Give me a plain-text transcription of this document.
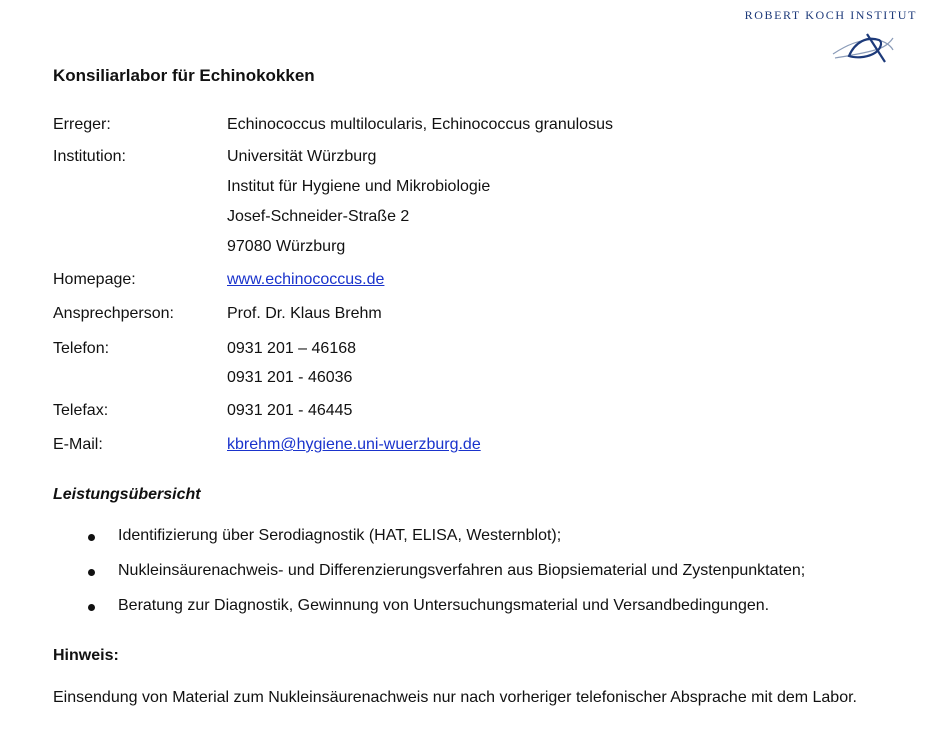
ROBERT KOCH INSTITUT
Konsiliarlabor für Echinokokken
Erreger:	Echinococcus multilocularis, Echinococcus granulosus
Institution:	Universität Würzburg
Institut für Hygiene und Mikrobiologie
Josef-Schneider-Straße 2
97080 Würzburg
Homepage:	www.echinococcus.de
Ansprechperson:	Prof. Dr. Klaus Brehm
Telefon:	0931 201 – 46168
0931 201 - 46036
Telefax:	0931 201 - 46445
E-Mail:	kbrehm@hygiene.uni-wuerzburg.de
Leistungsübersicht
Identifizierung über Serodiagnostik (HAT, ELISA, Westernblot);
Nukleinsäurenachweis- und Differenzierungsverfahren aus Biopsiematerial und Zystenpunktaten;
Beratung zur Diagnostik, Gewinnung von Untersuchungsmaterial und Versandbedingungen.
Hinweis:
Einsendung von Material zum Nukleinsäurenachweis nur nach vorheriger telefonischer Absprache mit dem Labor.
